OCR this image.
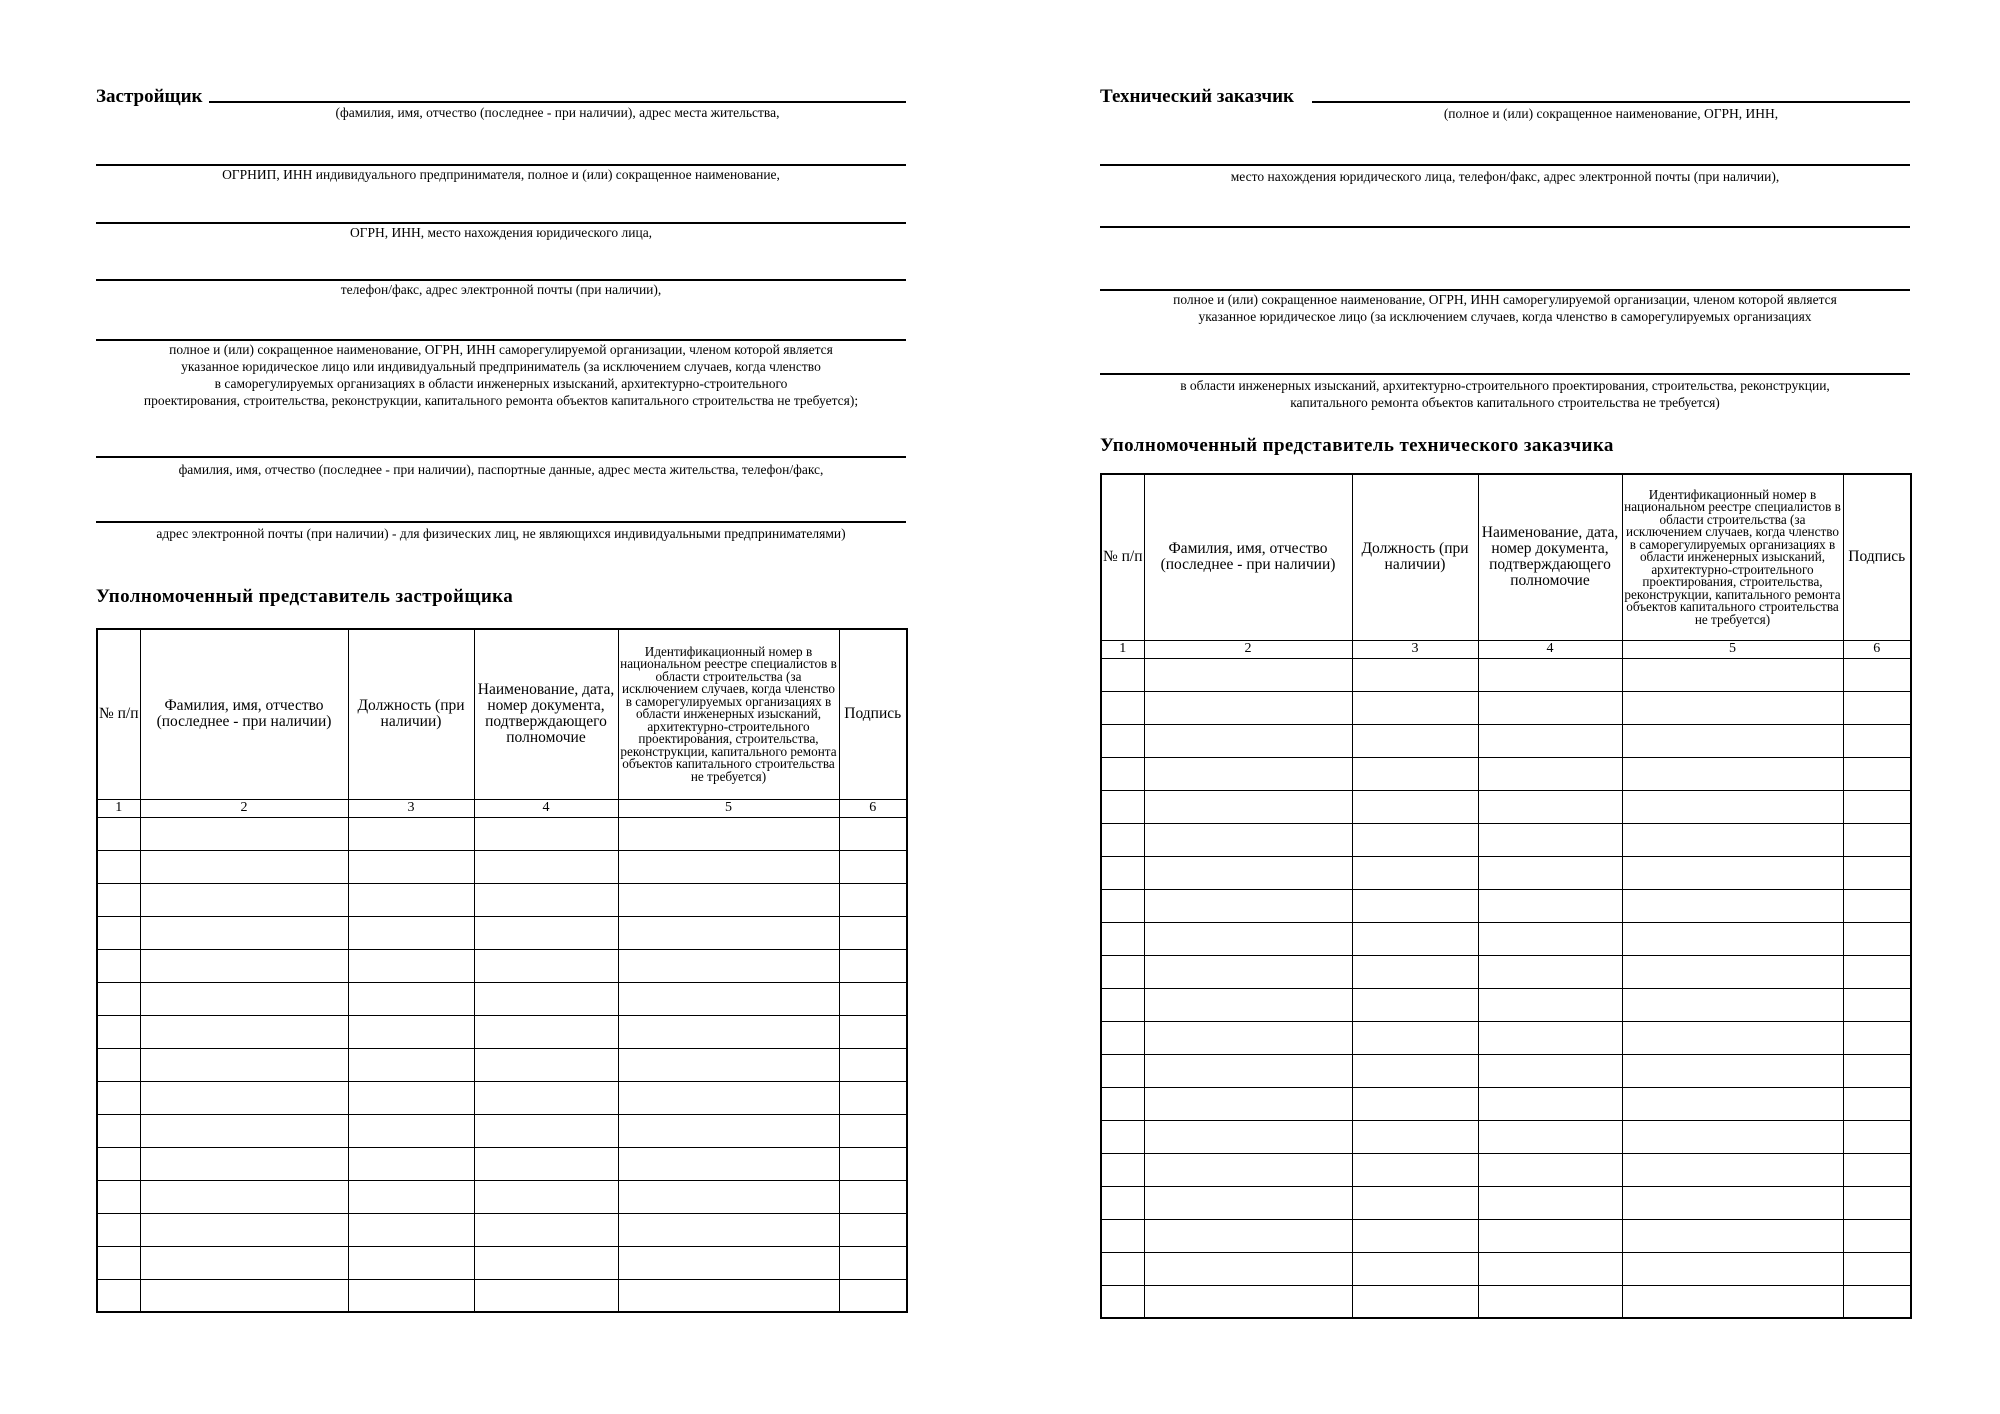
Застройщик
(фамилия, имя, отчество (последнее - при наличии), адрес места жительства,
ОГРНИП, ИНН индивидуального предпринимателя, полное и (или) сокращенное наименование,
ОГРН, ИНН, место нахождения юридического лица,
телефон/факс, адрес электронной почты (при наличии),
полное и (или) сокращенное наименование, ОГРН, ИНН саморегулируемой организации, членом которой является
указанное юридическое лицо или индивидуальный предприниматель (за исключением случаев, когда членство
в саморегулируемых организациях в области инженерных изысканий, архитектурно-строительного
проектирования, строительства, реконструкции, капитального ремонта объектов капитального строительства не требуется);
фамилия, имя, отчество (последнее - при наличии), паспортные данные, адрес места жительства, телефон/факс,
адрес электронной почты (при наличии) - для физических лиц, не являющихся индивидуальными предпринимателями)
Уполномоченный представитель застройщика
№ п/п	Фамилия, имя, отчество (последнее - при наличии)	Должность (при наличии)	Наименование, дата, номер документа, подтверждающего полномочие	Идентификационный номер в национальном реестре специалистов в области строительства (за исключением случаев, когда членство в саморегулируемых организациях в области инженерных изысканий, архитектурно-строительного проектирования, строительства, реконструкции, капитального ремонта объектов капитального строительства не требуется)	Подпись
1	2	3	4	5	6

Технический заказчик
(полное и (или) сокращенное наименование, ОГРН, ИНН,
место нахождения юридического лица, телефон/факс, адрес электронной почты (при наличии),
полное и (или) сокращенное наименование, ОГРН, ИНН саморегулируемой организации, членом которой является
указанное юридическое лицо (за исключением случаев, когда членство в саморегулируемых организациях
в области инженерных изысканий, архитектурно-строительного проектирования, строительства, реконструкции,
капитального ремонта объектов капитального строительства не требуется)
Уполномоченный представитель технического заказчика
№ п/п	Фамилия, имя, отчество (последнее - при наличии)	Должность (при наличии)	Наименование, дата, номер документа, подтверждающего полномочие	Идентификационный номер в национальном реестре специалистов в области строительства (за исключением случаев, когда членство в саморегулируемых организациях в области инженерных изысканий, архитектурно-строительного проектирования, строительства, реконструкции, капитального ремонта объектов капитального строительства не требуется)	Подпись
1	2	3	4	5	6
